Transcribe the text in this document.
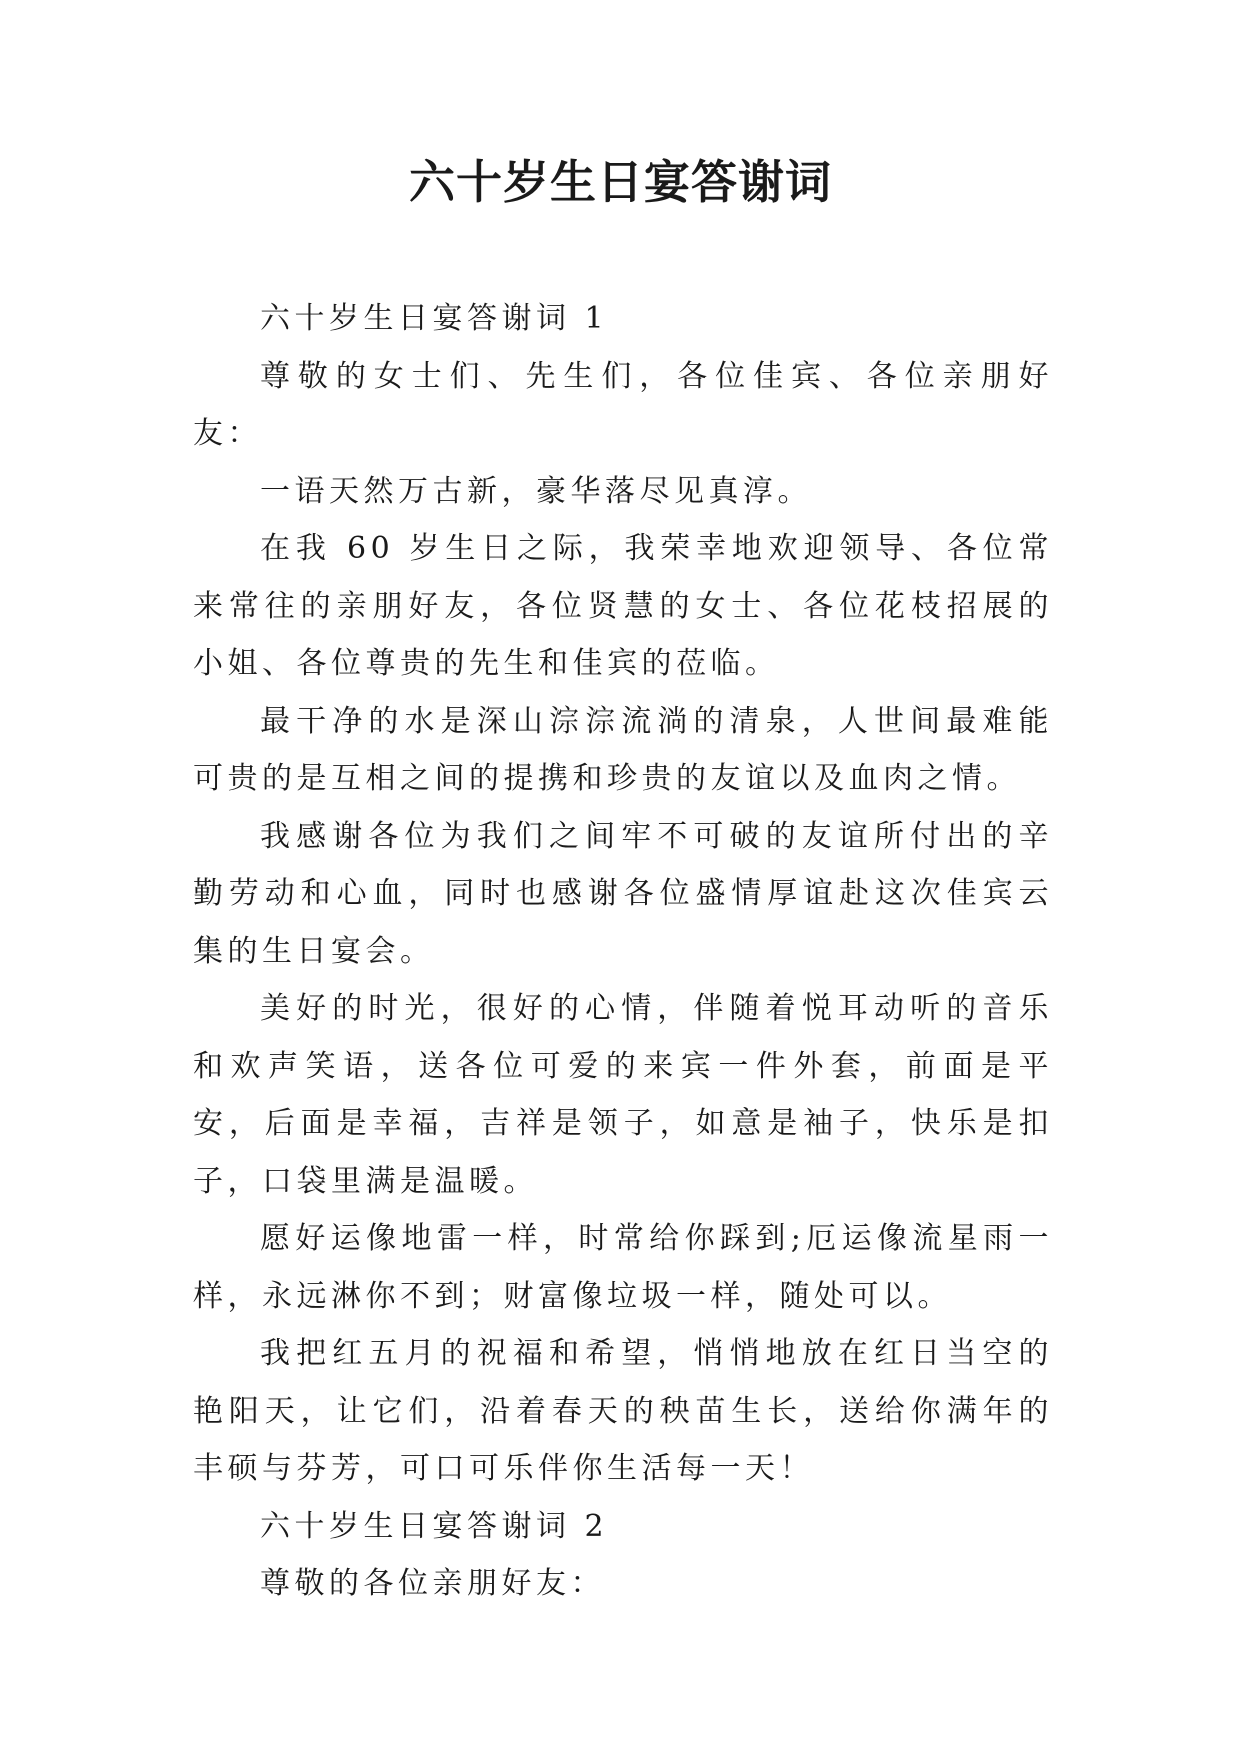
六十岁生日宴答谢词

六十岁生日宴答谢词 1

尊敬的女士们、先生们，各位佳宾、各位亲朋好友：

一语天然万古新，豪华落尽见真淳。

在我 60 岁生日之际，我荣幸地欢迎领导、各位常来常往的亲朋好友，各位贤慧的女士、各位花枝招展的小姐、各位尊贵的先生和佳宾的莅临。

最干净的水是深山淙淙流淌的清泉，人世间最难能可贵的是互相之间的提携和珍贵的友谊以及血肉之情。

我感谢各位为我们之间牢不可破的友谊所付出的辛勤劳动和心血，同时也感谢各位盛情厚谊赴这次佳宾云集的生日宴会。

美好的时光，很好的心情，伴随着悦耳动听的音乐和欢声笑语，送各位可爱的来宾一件外套，前面是平安，后面是幸福，吉祥是领子，如意是袖子，快乐是扣子，口袋里满是温暖。

愿好运像地雷一样，时常给你踩到;厄运像流星雨一样，永远淋你不到；财富像垃圾一样，随处可以。

我把红五月的祝福和希望，悄悄地放在红日当空的艳阳天，让它们，沿着春天的秧苗生长，送给你满年的丰硕与芬芳，可口可乐伴你生活每一天！

六十岁生日宴答谢词 2

尊敬的各位亲朋好友：
